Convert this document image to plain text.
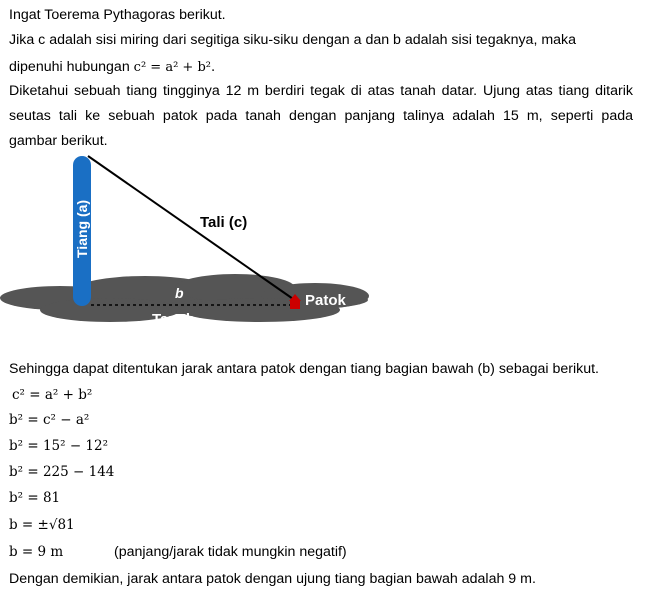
Ingat Toerema Pythagoras berikut.
Jika c adalah sisi miring dari segitiga siku-siku dengan a dan b adalah sisi tegaknya, maka
dipenuhi hubungan c² = a² + b².
Diketahui sebuah tiang tingginya 12 m berdiri tegak di atas tanah datar. Ujung atas tiang ditarik
seutas tali ke sebuah patok pada tanah dengan panjang talinya adalah 15 m, seperti pada
gambar berikut.
Tiang (a)	Tali (c)
b
Tanah
Patok
Sehingga dapat ditentukan jarak antara patok dengan tiang bagian bawah (b) sebagai berikut.
c² = a² + b²
b² = c² − a²
b² = 15² − 12²
b² = 225 − 144
b² = 81
b = ±√81
b = 9 m	(panjang/jarak tidak mungkin negatif)
Dengan demikian, jarak antara patok dengan ujung tiang bagian bawah adalah 9 m.
